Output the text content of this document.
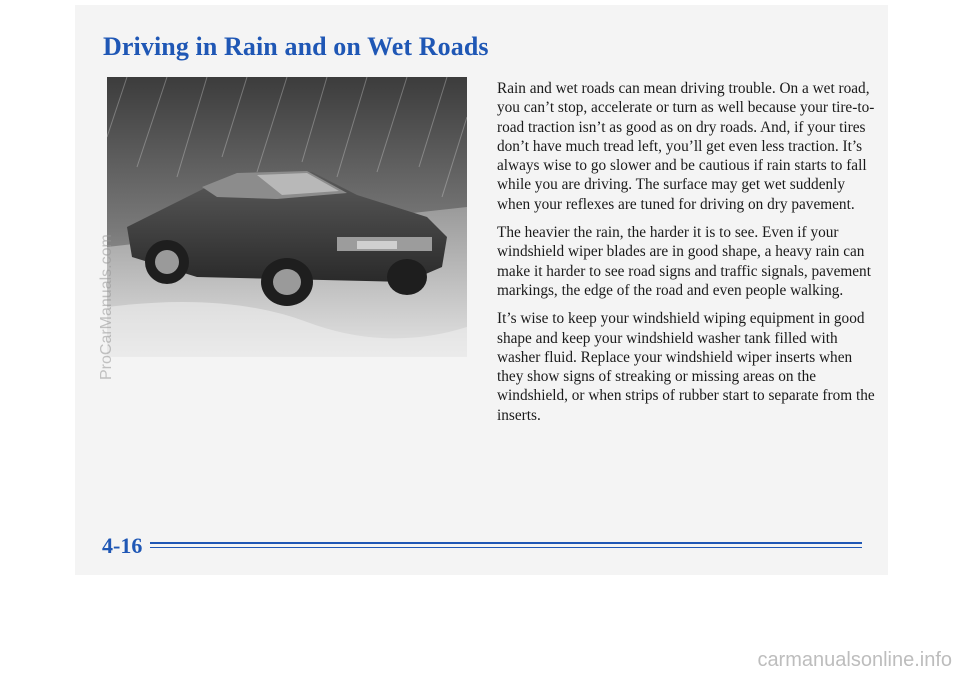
Driving in Rain and on Wet Roads

Rain and wet roads can mean driving trouble. On a wet road, you can’t stop, accelerate or turn as well because your tire-to-road traction isn’t as good as on dry roads. And, if your tires don’t have much tread left, you’ll get even less traction. It’s always wise to go slower and be cautious if rain starts to fall while you are driving. The surface may get wet suddenly when your reflexes are tuned for driving on dry pavement.

The heavier the rain, the harder it is to see. Even if your windshield wiper blades are in good shape, a heavy rain can make it harder to see road signs and traffic signals, pavement markings, the edge of the road and even people walking.

It’s wise to keep your windshield wiping equipment in good shape and keep your windshield washer tank filled with washer fluid. Replace your windshield wiper inserts when they show signs of streaking or missing areas on the windshield, or when strips of rubber start to separate from the inserts.

4-16
ProCarManuals.com
carmanualsonline.info
